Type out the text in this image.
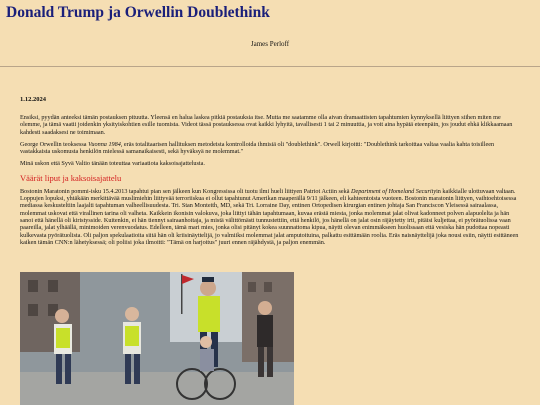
Donald Trump ja Orwellin Doublethink
James Perloff
1.12.2024

Ensiksi, pyydän anteeksi tämän postauksen pituutta. Yleensä en halua laskea pitkiä postauksia itse. Mutta me saatamme olla aivan dramaattisten tapahtumien kynnyksellä liittyen siihen miten me olemme, ja tämä vaatii joidenkin yksityiskohtien esille tuomista. Videot tässä postauksessa ovat kaikki lyhyitä, tavallisesti 1 tai 2 minuuttia, ja voit aina hypätä eteenpäin, jos joudut ehkä klikkaamaan kahdesti saadaksesi ne toimimaan.

George Orwellin teoksessa Vuonna 1984, eräs totalitaarisen hallituksen metodeista kontrolloida ihmisiä oli "doublethink". Orwell kirjoitti: "Doublethink tarkoittaa valtaa vaalia kahta toisilleen vastakkaista uskomusta henkilön mielessä samanaikaisesti, sekä hyväksyä ne molemmat."

Minä uskon että Syvä Valtio tänään toteuttaa variaatiota kaksoisajattelusta.

Väärät liput ja kaksoisajattelu

Bostonin Maratonin pommi-isku 15.4.2013 tapahtui pian sen jälkeen kun Kongressissa oli tuotu ilmi hueli liittyen Patriot Actiin sekä Department of Homeland Securityin kaikkialle ulottuvaan valtaan. Loppujen lopuksi, yhtäkään merkittävää muslimiehin liittyvää terroriiskua ei ollut tapahtunut Amerikan maaperällä 9/11 jälkeen, eli kahteentoista vuoteen. Bostonin maratonin liittyen, vaihtoehtoisessa mediassa keskusteltiin laajalti tapahtuman valheellisuudesta. Tri. Stan Monteith, MD, sekä Tri. Lorraine Day, entinen Ortopedisen kirurgian entinen johtaja San Franciscon Yleisessä sairaalassa, molemmat uskovat että virallinen tarina oli valheta. Kaikkein ikonisin valokuva, joka liittyi tähän tapahtumaan, kuvaa erästä miesta, jonka molemmat jalat olivat kadonneet polven alapuolelta ja hän sanoi että hänellä oli kiristysside. Kuitenkin, ei hän tiennyt sairaanhoitaja, ja mistä välittömästi tunnustettiin, että henkilö, jos hänellä on jalat osin räjäytetty irti, pitäisi kuljettaa, ei pyörätuolissa vaan paareilla, jalat ylhäällä, minimoiden verenvuodatus. Edelleen, tämä mari mies, jonka olisi pitänyt kokea suunnattoma kipua, näytti olevan enimmäkseen huolissaan että vesiska hän pudottaa nopeasti kulkevasta pyörätuolista. Oli paljon spekulaatioita siitä hän oli kriisinäyttelijä, jo valmiiksi molemmat jalat amputoituina, palkattu esittämään roolia. Eräs naisnäyttelijä joka nousi esiin, näytti esittäneen kaiken tämän CNN:n lähetyksessä; oli poliisi joka ilmoitti: "Tämä on harjoitus" juuri ennen räjähdystä, ja paljon enemmän.
